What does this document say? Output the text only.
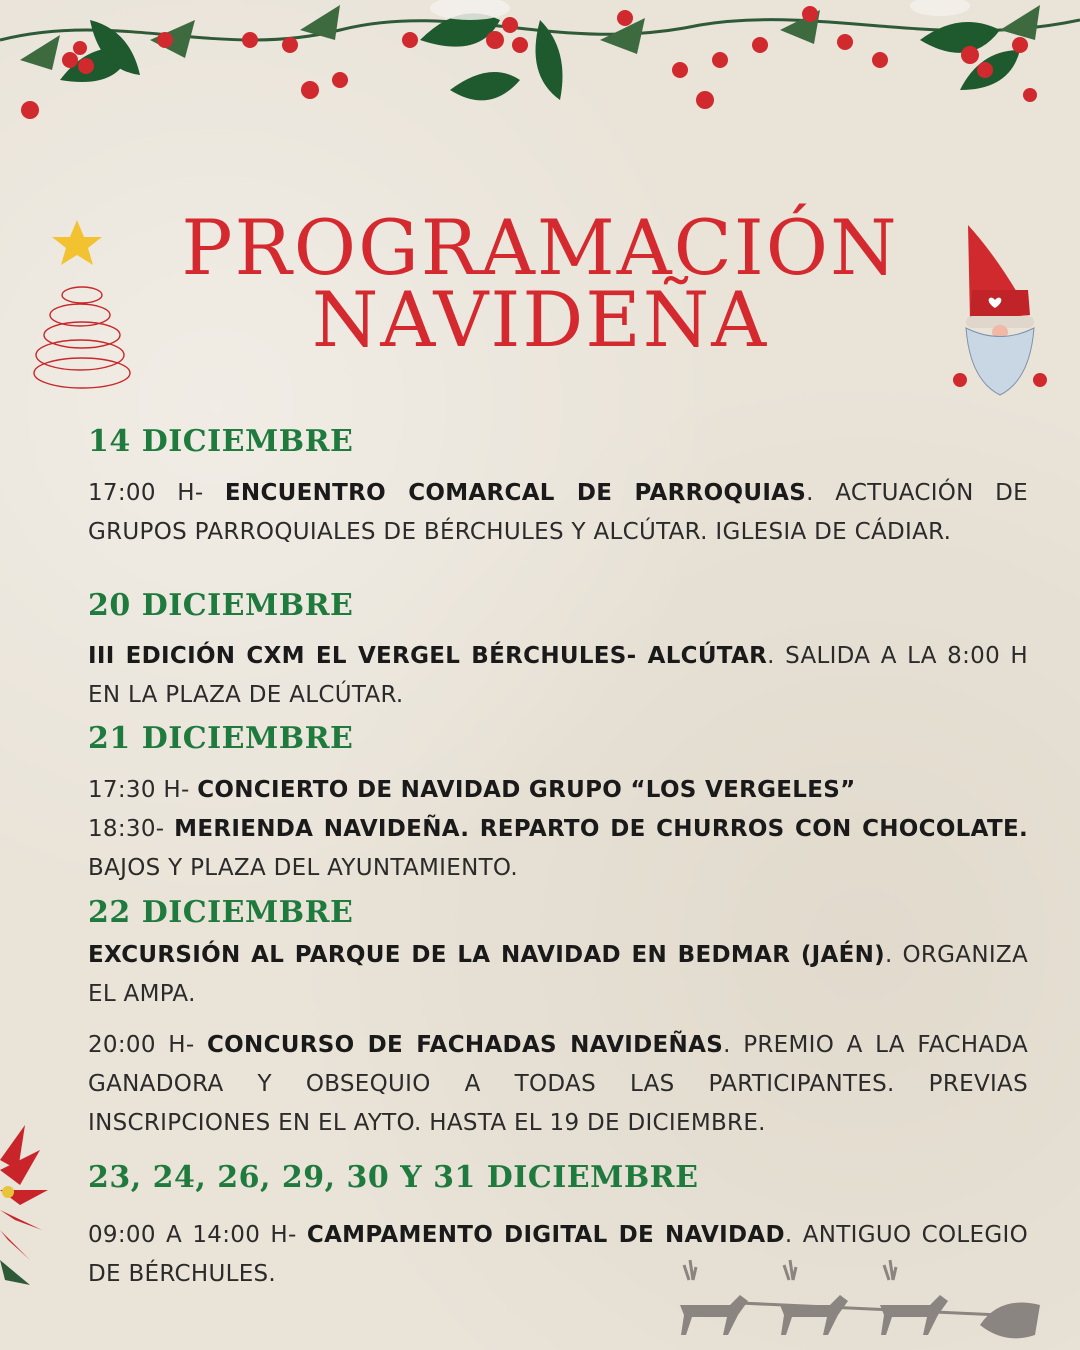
PROGRAMACIÓN
NAVIDEÑA
14 DICIEMBRE
17:00 H- ENCUENTRO COMARCAL DE PARROQUIAS. ACTUACIÓN DE GRUPOS PARROQUIALES DE BÉRCHULES Y ALCÚTAR. IGLESIA DE CÁDIAR.
20 DICIEMBRE
III EDICIÓN CXM EL VERGEL BÉRCHULES- ALCÚTAR. SALIDA A LA 8:00 H EN LA PLAZA DE ALCÚTAR.
21 DICIEMBRE
17:30 H- CONCIERTO DE NAVIDAD GRUPO “LOS VERGELES”
18:30- MERIENDA NAVIDEÑA. REPARTO DE CHURROS CON CHOCOLATE. BAJOS Y PLAZA DEL AYUNTAMIENTO.
22 DICIEMBRE
EXCURSIÓN AL PARQUE DE LA NAVIDAD EN BEDMAR (JAÉN). ORGANIZA EL AMPA.
20:00 H- CONCURSO DE FACHADAS NAVIDEÑAS. PREMIO A LA FACHADA GANADORA Y OBSEQUIO A TODAS LAS PARTICIPANTES. PREVIAS INSCRIPCIONES EN EL AYTO. HASTA EL 19 DE DICIEMBRE.
23, 24, 26, 29, 30 Y 31 DICIEMBRE
09:00 A 14:00 H- CAMPAMENTO DIGITAL DE NAVIDAD. ANTIGUO COLEGIO DE BÉRCHULES.
